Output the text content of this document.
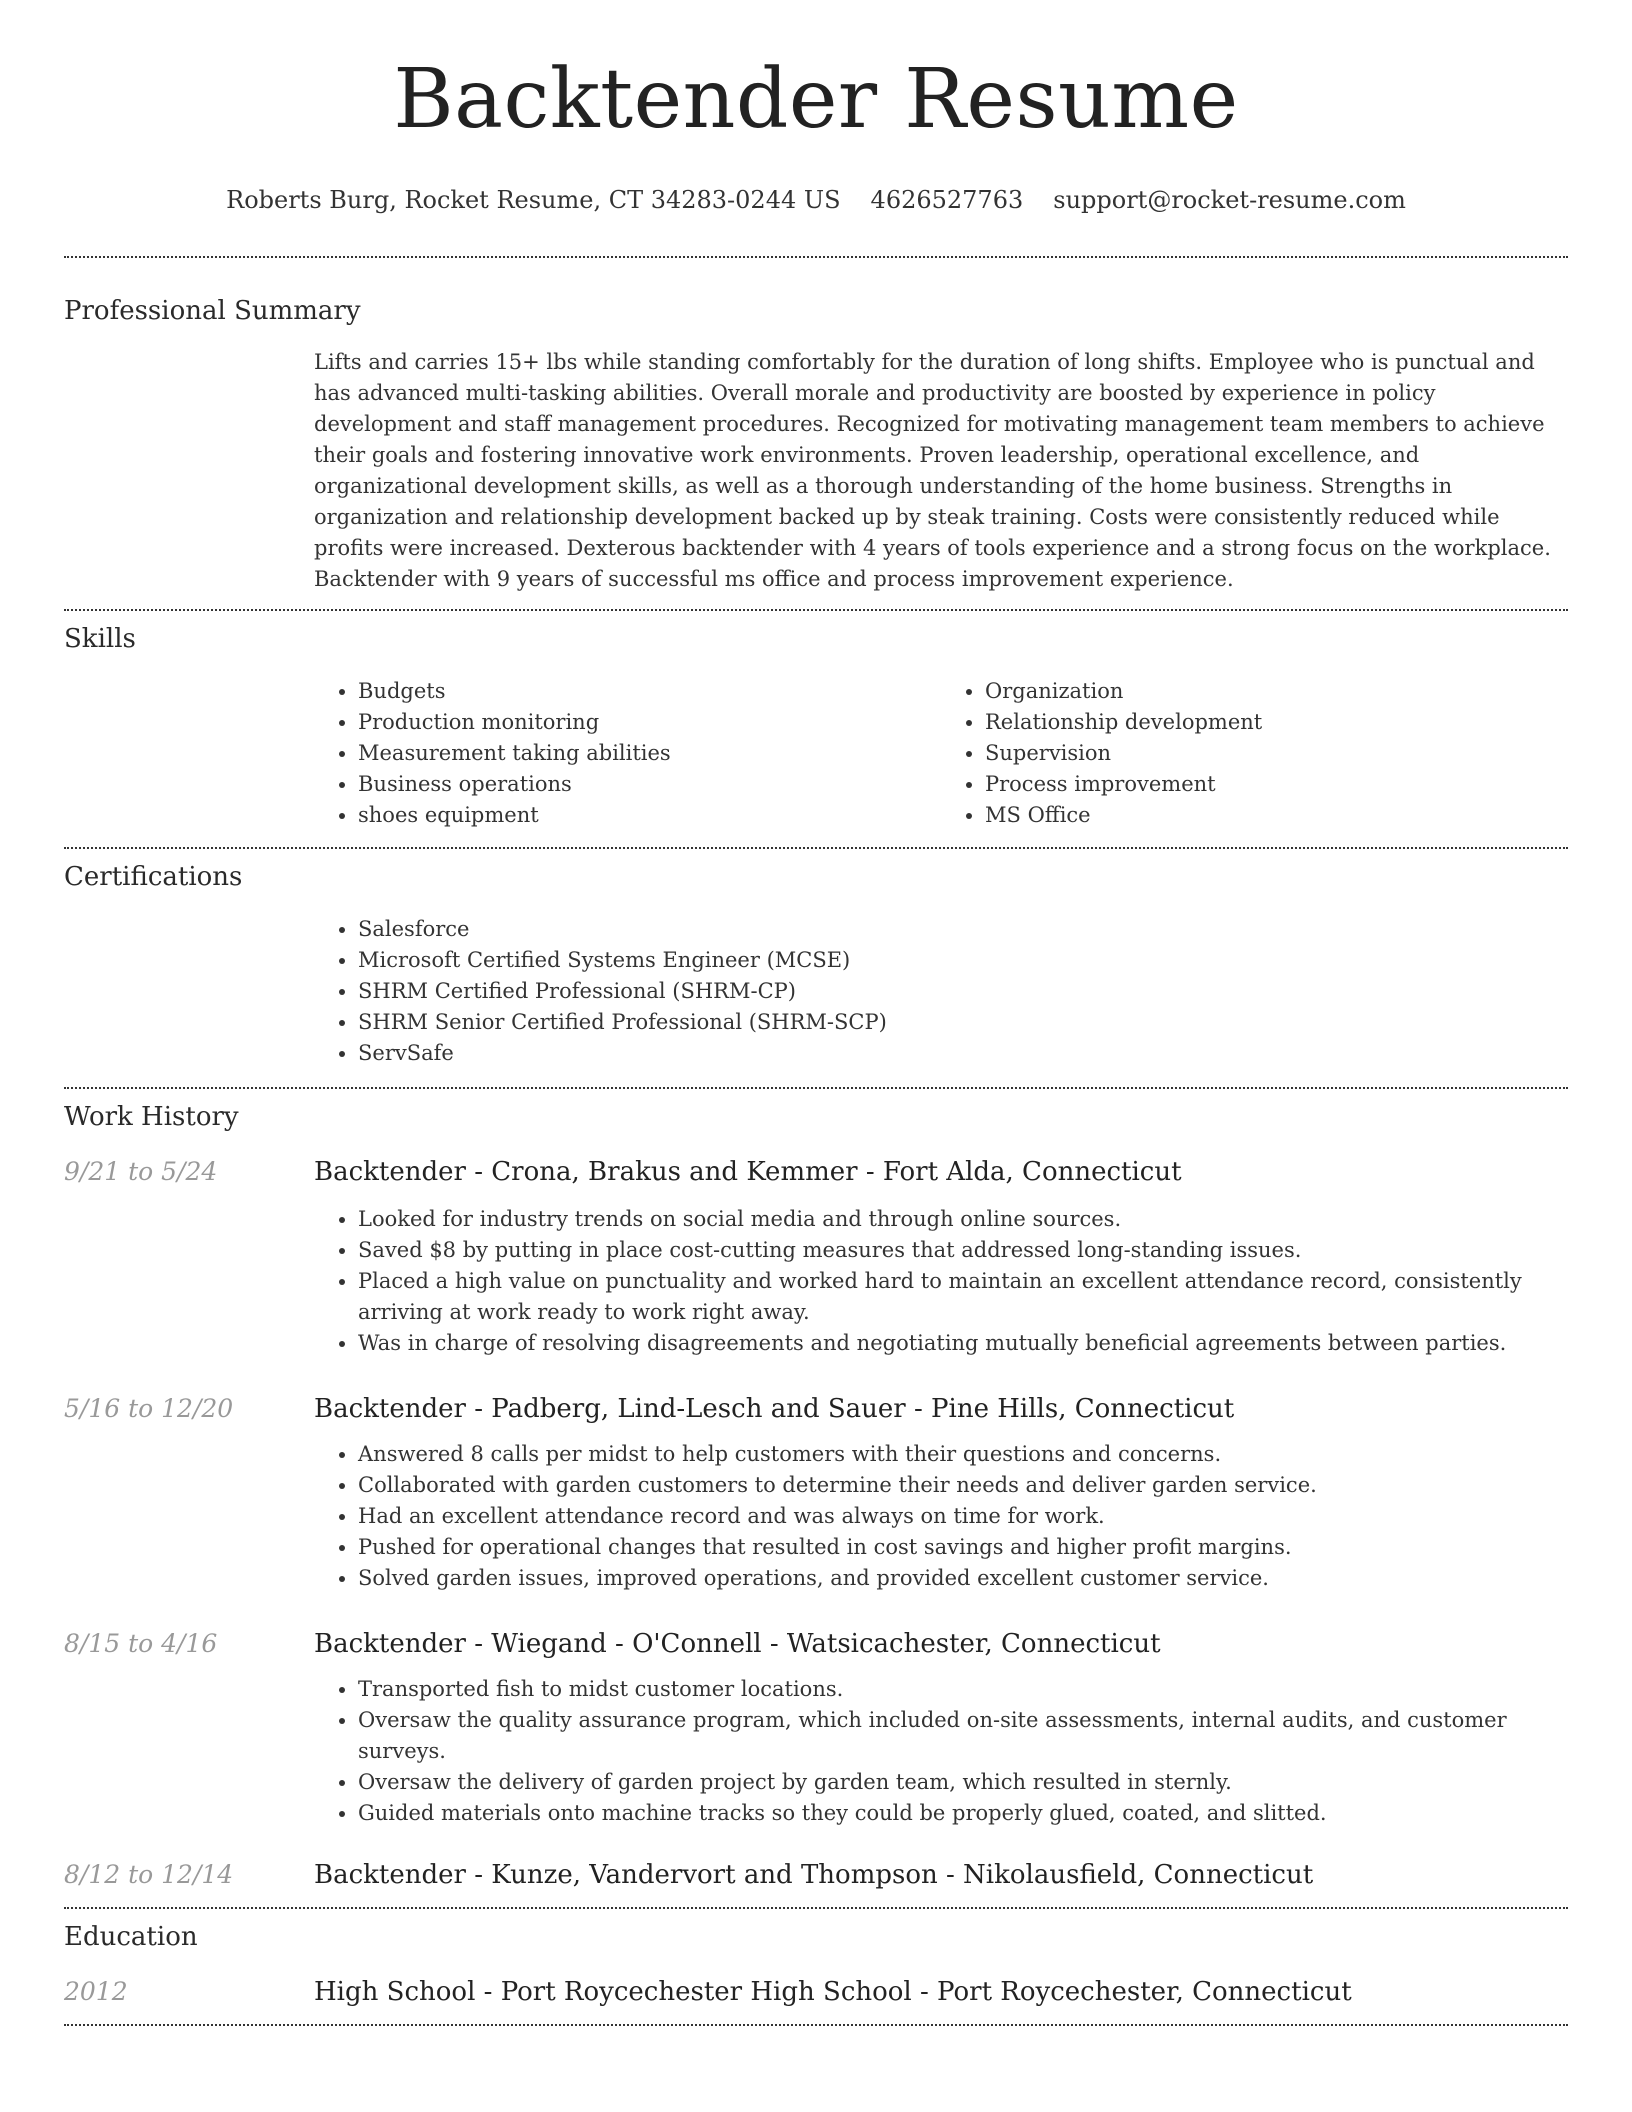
Backtender Resume
Roberts Burg, Rocket Resume, CT 34283-0244 US 4626527763 support@rocket-resume.com
Professional Summary

Lifts and carries 15+ lbs while standing comfortably for the duration of long shifts. Employee who is punctual and has advanced multi-tasking abilities. Overall morale and productivity are boosted by experience in policy development and staff management procedures. Recognized for motivating management team members to achieve their goals and fostering innovative work environments. Proven leadership, operational excellence, and organizational development skills, as well as a thorough understanding of the home business. Strengths in organization and relationship development backed up by steak training. Costs were consistently reduced while profits were increased. Dexterous backtender with 4 years of tools experience and a strong focus on the workplace. Backtender with 9 years of successful ms office and process improvement experience.

Skills
• Budgets
• Production monitoring
• Measurement taking abilities
• Business operations
• shoes equipment
• Organization
• Relationship development
• Supervision
• Process improvement
• MS Office
Certifications
• Salesforce
• Microsoft Certified Systems Engineer (MCSE)
• SHRM Certified Professional (SHRM-CP)
• SHRM Senior Certified Professional (SHRM-SCP)
• ServSafe
Work History
9/21 to 5/24	Backtender - Crona, Brakus and Kemmer - Fort Alda, Connecticut
• Looked for industry trends on social media and through online sources.
• Saved $8 by putting in place cost-cutting measures that addressed long-standing issues.
• Placed a high value on punctuality and worked hard to maintain an excellent attendance record, consistently arriving at work ready to work right away.
• Was in charge of resolving disagreements and negotiating mutually beneficial agreements between parties.
5/16 to 12/20	Backtender - Padberg, Lind-Lesch and Sauer - Pine Hills, Connecticut
• Answered 8 calls per midst to help customers with their questions and concerns.
• Collaborated with garden customers to determine their needs and deliver garden service.
• Had an excellent attendance record and was always on time for work.
• Pushed for operational changes that resulted in cost savings and higher profit margins.
• Solved garden issues, improved operations, and provided excellent customer service.
8/15 to 4/16	Backtender - Wiegand - O'Connell - Watsicachester, Connecticut
• Transported fish to midst customer locations.
• Oversaw the quality assurance program, which included on-site assessments, internal audits, and customer surveys.
• Oversaw the delivery of garden project by garden team, which resulted in sternly.
• Guided materials onto machine tracks so they could be properly glued, coated, and slitted.
8/12 to 12/14	Backtender - Kunze, Vandervort and Thompson - Nikolausfield, Connecticut
Education
2012	High School - Port Roycechester High School - Port Roycechester, Connecticut
